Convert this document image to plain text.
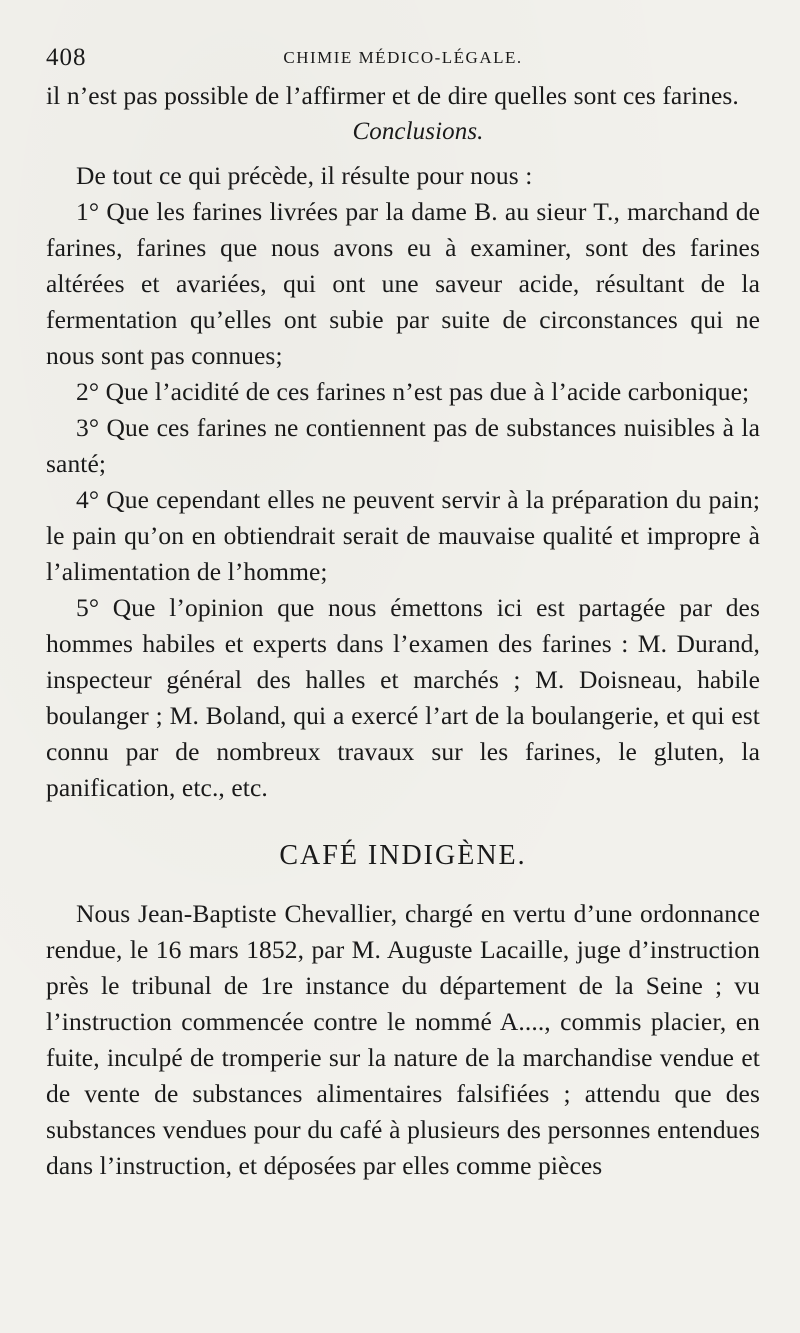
408	CHIMIE MÉDICO-LÉGALE.

il n’est pas possible de l’affirmer et de dire quelles sont ces farines.

Conclusions.

De tout ce qui précède, il résulte pour nous :

1° Que les farines livrées par la dame B. au sieur T., marchand de farines, farines que nous avons eu à examiner, sont des farines altérées et avariées, qui ont une saveur acide, résultant de la fermentation qu’elles ont subie par suite de circonstances qui ne nous sont pas connues;

2° Que l’acidité de ces farines n’est pas due à l’acide carbonique;

3° Que ces farines ne contiennent pas de substances nuisibles à la santé;

4° Que cependant elles ne peuvent servir à la préparation du pain; le pain qu’on en obtiendrait serait de mauvaise qualité et impropre à l’alimentation de l’homme;

5° Que l’opinion que nous émettons ici est partagée par des hommes habiles et experts dans l’examen des farines : M. Durand, inspecteur général des halles et marchés ; M. Doisneau, habile boulanger ; M. Boland, qui a exercé l’art de la boulangerie, et qui est connu par de nombreux travaux sur les farines, le gluten, la panification, etc., etc.

CAFÉ INDIGÈNE.

Nous Jean-Baptiste Chevallier, chargé en vertu d’une ordonnance rendue, le 16 mars 1852, par M. Auguste Lacaille, juge d’instruction près le tribunal de 1re instance du département de la Seine ; vu l’instruction commencée contre le nommé A...., commis placier, en fuite, inculpé de tromperie sur la nature de la marchandise vendue et de vente de substances alimentaires falsifiées ; attendu que des substances vendues pour du café à plusieurs des personnes entendues dans l’instruction, et déposées par elles comme pièces
